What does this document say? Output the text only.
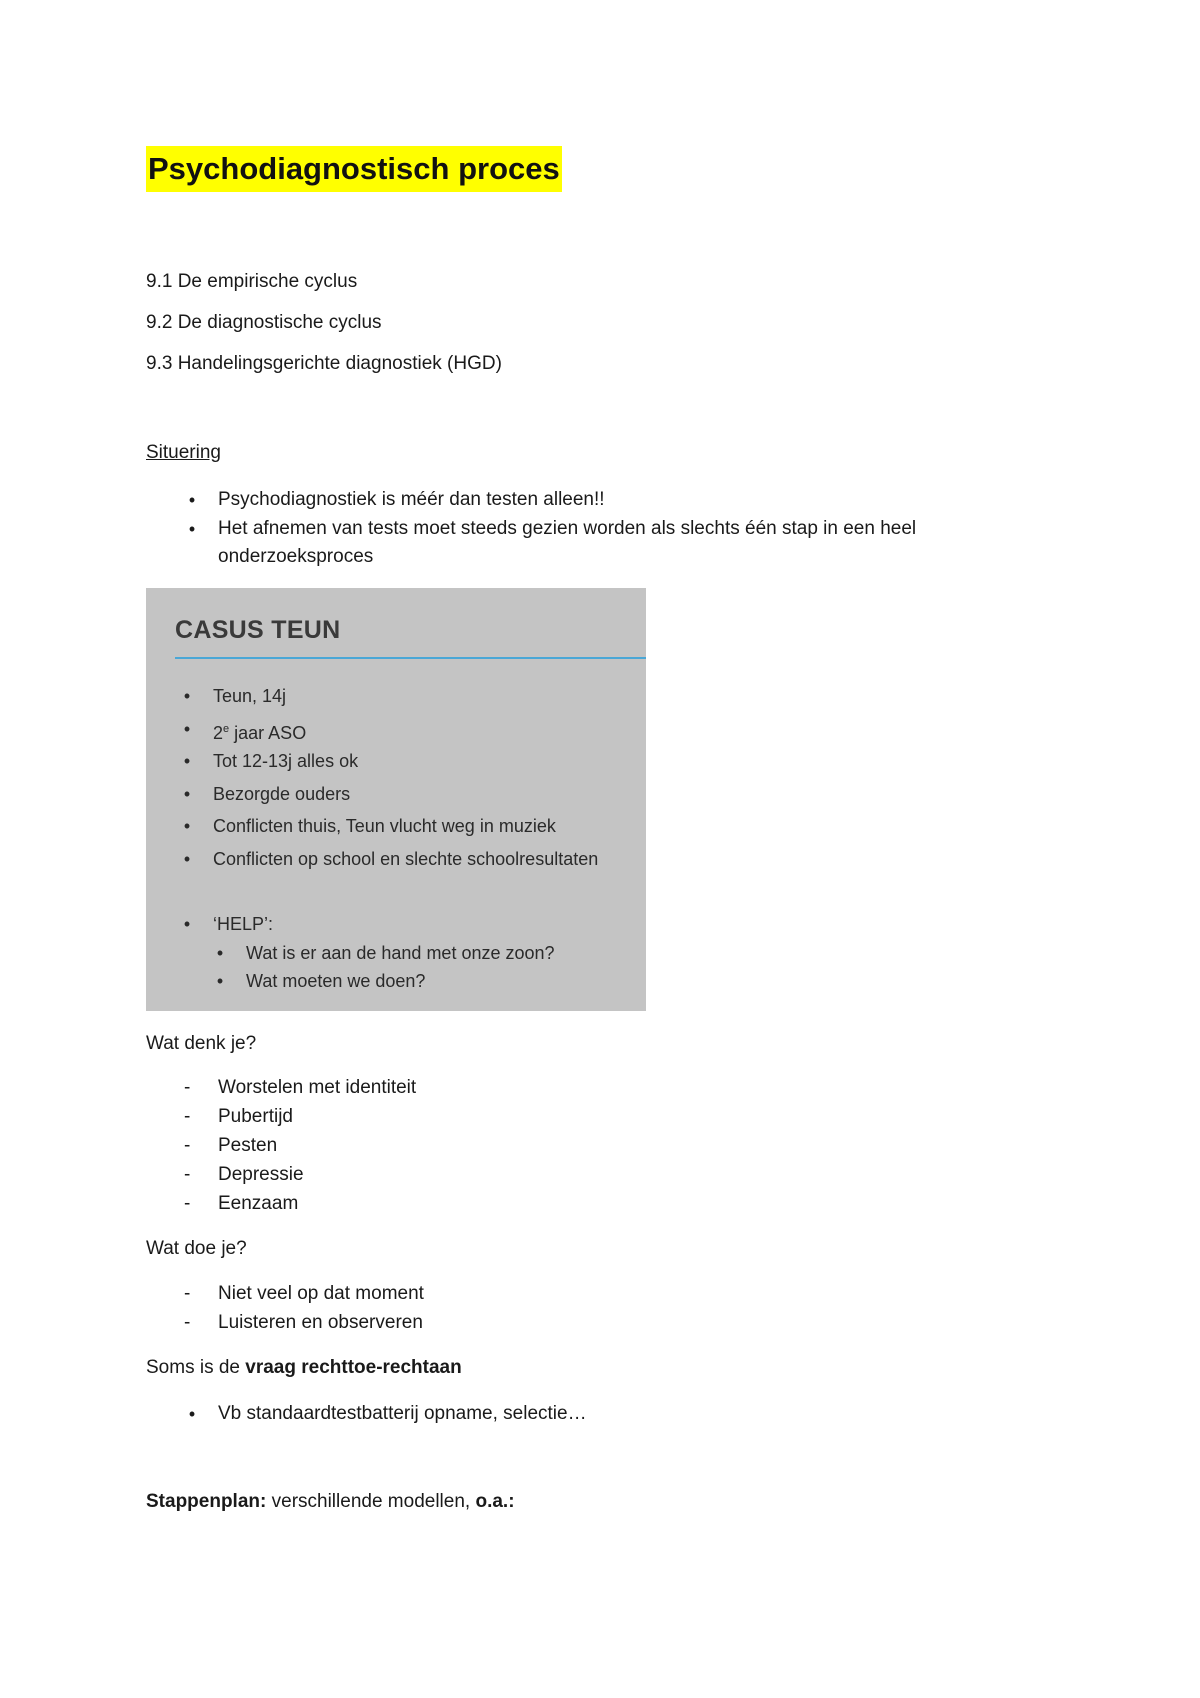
Psychodiagnostisch proces
9.1 De empirische cyclus
9.2 De diagnostische cyclus
9.3 Handelingsgerichte diagnostiek (HGD)
Situering
•	Psychodiagnostiek is méér dan testen alleen!!
•	Het afnemen van tests moet steeds gezien worden als slechts één stap in een heel
onderzoeksproces
CASUS TEUN
• Teun, 14j
• 2e jaar ASO
• Tot 12-13j alles ok
• Bezorgde ouders
• Conflicten thuis, Teun vlucht weg in muziek
• Conflicten op school en slechte schoolresultaten
• ‘HELP’:
• Wat is er aan de hand met onze zoon?
• Wat moeten we doen?
Wat denk je?
- Worstelen met identiteit
- Pubertijd
- Pesten
- Depressie
- Eenzaam
Wat doe je?
- Niet veel op dat moment
- Luisteren en observeren
Soms is de vraag rechttoe-rechtaan
•	Vb standaardtestbatterij opname, selectie…
Stappenplan: verschillende modellen, o.a.:
